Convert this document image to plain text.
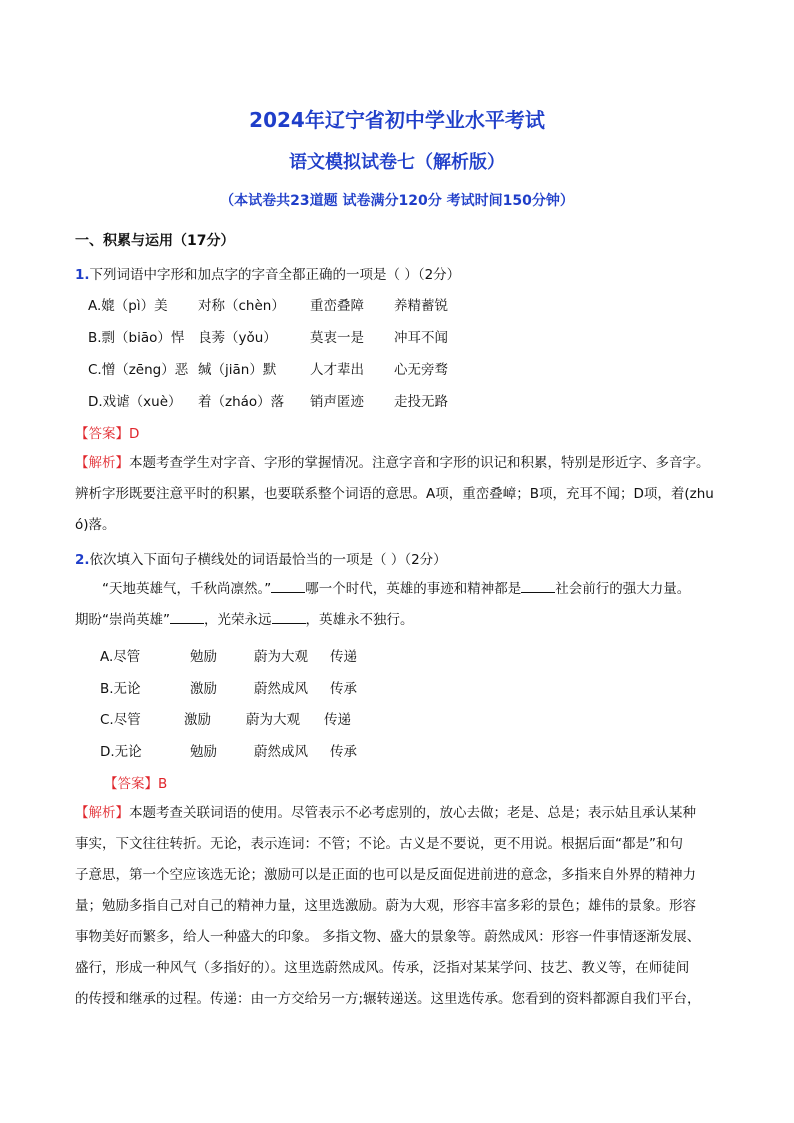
2024年辽宁省初中学业水平考试
语文模拟试卷七（解析版）
（本试卷共23道题 试卷满分120分 考试时间150分钟）
一、积累与运用（17分）
1.下列词语中字形和加点字的字音全都正确的一项是（ ）（2分）
A.媲（pì）美 对称（chèn） 重峦叠障 养精蓄锐
B.剽（biāo）悍 良莠（yǒu） 莫衷一是 冲耳不闻
C.憎（zēng）恶 缄（jiān）默 人才辈出 心无旁骛
D.戏谑（xuè） 着（zháo）落 销声匿迹 走投无路
【答案】D
【解析】本题考查学生对字音、字形的掌握情况。注意字音和字形的识记和积累，特别是形近字、多音字。
辨析字形既要注意平时的积累，也要联系整个词语的意思。A项，重峦叠嶂；B项，充耳不闻；D项，着(zhu
ó)落。
2.依次填入下面句子横线处的词语最恰当的一项是（ ）（2分）
　　“天地英雄气，千秋尚凛然。”	哪一个时代，英雄的事迹和精神都是	社会前行的强大力量。
期盼“崇尚英雄”	，光荣永远	，英雄永不独行。
A.尽管	勉励	蔚为大观 传递
B.无论	激励	蔚然成风 传承
C.尽管	激励	蔚为大观 传递
D.无论	勉励	蔚然成风 传承
【答案】B
【解析】本题考查关联词语的使用。尽管表示不必考虑别的，放心去做；老是、总是；表示姑且承认某种
事实，下文往往转折。无论，表示连词：不管；不论。古义是不要说，更不用说。根据后面“都是”和句
子意思，第一个空应该选无论；激励可以是正面的也可以是反面促进前进的意念，多指来自外界的精神力
量；勉励多指自己对自己的精神力量，这里选激励。蔚为大观，形容丰富多彩的景色；雄伟的景象。形容
事物美好而繁多，给人一种盛大的印象。 多指文物、盛大的景象等。蔚然成风：形容一件事情逐渐发展、
盛行，形成一种风气（多指好的）。这里选蔚然成风。传承，泛指对某某学问、技艺、教义等，在师徒间
的传授和继承的过程。传递：由一方交给另一方;辗转递送。这里选传承。您看到的资料都源自我们平台，
